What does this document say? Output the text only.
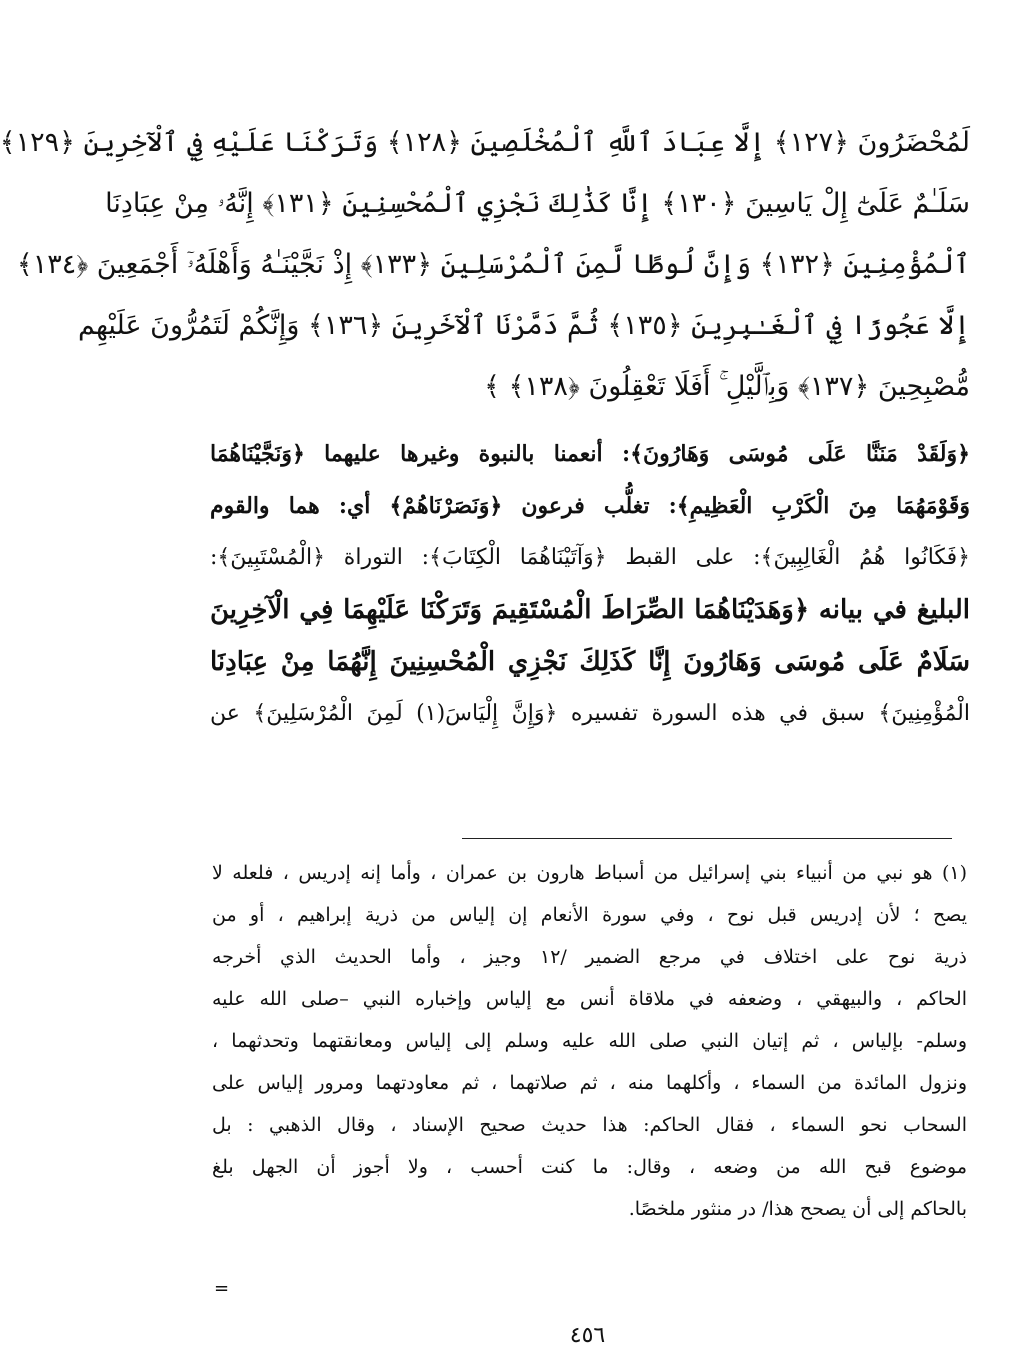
لَمُحْضَرُونَ ﴿١٢٧﴾ إِلَّا عِبَادَ ٱللَّهِ ٱلْمُخْلَصِينَ ﴿١٢٨﴾ وَتَرَكْنَا عَلَيْهِ فِي ٱلْآخِرِينَ ﴿١٢٩﴾
سَلَـٰمٌ عَلَىٰٓ إِلْ يَاسِينَ ﴿١٣٠﴾ إِنَّا كَذَٰلِكَ نَجْزِي ٱلْمُحْسِنِينَ ﴿١٣١﴾ إِنَّهُۥ مِنْ عِبَادِنَا
ٱلْمُؤْمِنِينَ ﴿١٣٢﴾ وَإِنَّ لُوطًا لَّمِنَ ٱلْمُرْسَلِينَ ﴿١٣٣﴾ إِذْ نَجَّيْنَـٰهُ وَأَهْلَهُۥٓ أَجْمَعِينَ ﴿١٣٤﴾
إِلَّا عَجُوزًا فِي ٱلْغَـٰبِرِينَ ﴿١٣٥﴾ ثُمَّ دَمَّرْنَا ٱلْآخَرِينَ ﴿١٣٦﴾ وَإِنَّكُمْ لَتَمُرُّونَ عَلَيْهِم
مُّصْبِحِينَ ﴿١٣٧﴾ وَبِٱلَّيْلِ ۚ أَفَلَا تَعْقِلُونَ ﴿١٣٨﴾ ﴾
﴿وَلَقَدْ مَنَنَّا عَلَى مُوسَى وَهَارُونَ﴾: أنعمنا بالنبوة وغيرها عليهما ﴿وَنَجَّيْنَاهُمَا
وَقَوْمَهُمَا مِنَ الْكَرْبِ الْعَظِيمِ﴾: تغلُّب فرعون ﴿وَنَصَرْنَاهُمْ﴾ أي: هما والقوم
﴿فَكَانُوا هُمُ الْغَالِبِينَ﴾: على القبط ﴿وَآتَيْنَاهُمَا الْكِتَابَ﴾: التوراة ﴿الْمُسْتَبِينَ﴾:
البليغ في بيانه ﴿وَهَدَيْنَاهُمَا الصِّرَاطَ الْمُسْتَقِيمَ وَتَرَكْنَا عَلَيْهِمَا فِي الْآخِرِينَ
سَلَامٌ عَلَى مُوسَى وَهَارُونَ إِنَّا كَذَلِكَ نَجْزِي الْمُحْسِنِينَ إِنَّهُمَا مِنْ عِبَادِنَا
الْمُؤْمِنِينَ﴾ سبق في هذه السورة تفسيره ﴿وَإِنَّ إِلْيَاسَ(١) لَمِنَ الْمُرْسَلِينَ﴾ عن
(١) هو نبي من أنبياء بني إسرائيل من أسباط هارون بن عمران ، وأما إنه إدريس ، فلعله لا
يصح ؛ لأن إدريس قبل نوح ، وفي سورة الأنعام إن إلياس من ذرية إبراهيم ، أو من
ذرية نوح على اختلاف في مرجع الضمير /١٢ وجيز ، وأما الحديث الذي أخرجه
الحاكم ، والبيهقي ، وضعفه في ملاقاة أنس مع إلياس وإخباره النبي –صلى الله عليه
وسلم- بإلياس ، ثم إتيان النبي صلى الله عليه وسلم إلى إلياس ومعانقتهما وتحدثهما ،
ونزول المائدة من السماء ، وأكلهما منه ، ثم صلاتهما ، ثم معاودتهما ومرور إلياس على
السحاب نحو السماء ، فقال الحاكم: هذا حديث صحيح الإسناد ، وقال الذهبي : بل
موضوع قبح الله من وضعه ، وقال: ما كنت أحسب ، ولا أجوز أن الجهل بلغ
بالحاكم إلى أن يصحح هذا/ در منثور ملخصًا.
=
٤٥٦
